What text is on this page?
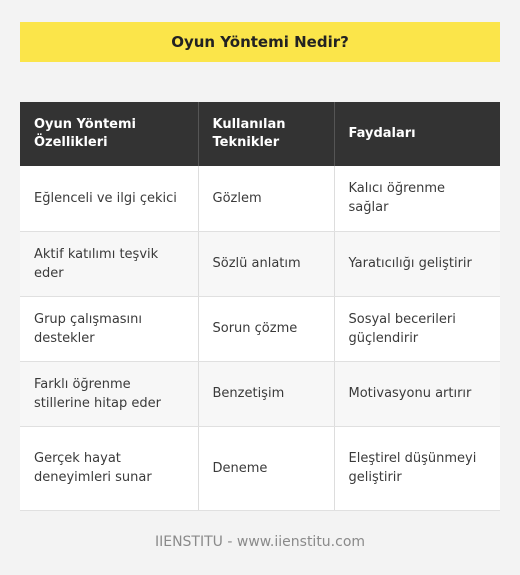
Oyun Yöntemi Nedir?
Oyun Yöntemi Özellikleri	Kullanılan Teknikler	Faydaları
Eğlenceli ve ilgi çekici	Gözlem	Kalıcı öğrenme sağlar
Aktif katılımı teşvik eder	Sözlü anlatım	Yaratıcılığı geliştirir
Grup çalışmasını destekler	Sorun çözme	Sosyal becerileri güçlendirir
Farklı öğrenme stillerine hitap eder	Benzetişim	Motivasyonu artırır
Gerçek hayat deneyimleri sunar	Deneme	Eleştirel düşünmeyi geliştirir
IIENSTITU - www.iienstitu.com
